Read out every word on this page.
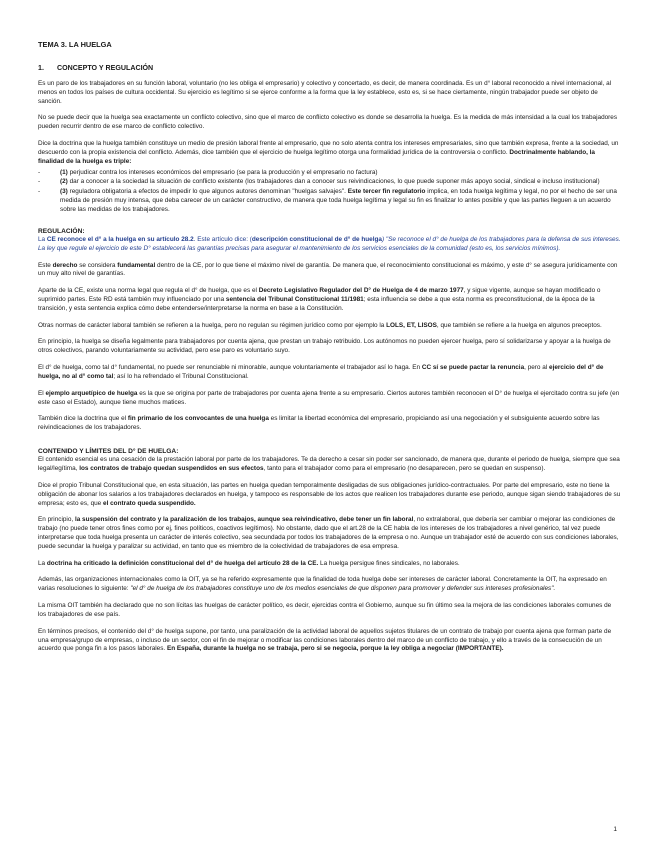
TEMA 3. LA HUELGA
1. CONCEPTO Y REGULACIÓN

Es un paro de los trabajadores en su función laboral, voluntario (no les obliga el empresario) y colectivo y concertado, es decir, de manera coordinada. Es un d° laboral reconocido a nivel internacional, al menos en todos los países de cultura occidental. Su ejercicio es legítimo si se ejerce conforme a la forma que la ley establece, esto es, si se hace ciertamente, ningún trabajador puede ser objeto de sanción.

No se puede decir que la huelga sea exactamente un conflicto colectivo, sino que el marco de conflicto colectivo es donde se desarrolla la huelga. Es la medida de más intensidad a la cual los trabajadores pueden recurrir dentro de ese marco de conflicto colectivo.

Dice la doctrina que la huelga también constituye un medio de presión laboral frente al empresario, que no solo atenta contra los intereses empresariales, sino que también expresa, frente a la sociedad, un descuerdo con la propia existencia del conflicto. Además, dice también que el ejercicio de huelga legítimo otorga una formalidad jurídica de la controversia o conflicto. Doctrinalmente hablando, la finalidad de la huelga es triple:

- (1) perjudicar contra los intereses económicos del empresario (se para la producción y el empresario no factura)
- (2) dar a conocer a la sociedad la situación de conflicto existente (los trabajadores dan a conocer sus reivindicaciones, lo que puede suponer más apoyo social, sindical e incluso institucional)
- (3) reguladora obligatoria a efectos de impedir lo que algunos autores denominan "huelgas salvajes". Este tercer fin regulatorio implica, en toda huelga legítima y legal, no por el hecho de ser una medida de presión muy intensa, que deba carecer de un carácter constructivo, de manera que toda huelga legítima y legal su fin es finalizar lo antes posible y que las partes lleguen a un acuerdo sobre las medidas de los trabajadores.
REGULACIÓN:

La CE reconoce el d° a la huelga en su artículo 28.2. Este artículo dice: (descripción constitucional de d° de huelga) "Se reconoce el d° de huelga de los trabajadores para la defensa de sus intereses. La ley que regule el ejercicio de este D° establecerá las garantías precisas para asegurar el mantenimiento de los servicios esenciales de la comunidad (esto es, los servicios mínimos).

Este derecho se considera fundamental dentro de la CE, por lo que tiene el máximo nivel de garantía. De manera que, el reconocimiento constitucional es máximo, y este d° se asegura jurídicamente con un muy alto nivel de garantías.

Aparte de la CE, existe una norma legal que regula el d° de huelga, que es el Decreto Legislativo Regulador del D° de Huelga de 4 de marzo 1977, y sigue vigente, aunque se hayan modificado o suprimido partes. Este RD está también muy influenciado por una sentencia del Tribunal Constitucional 11/1981; esta influencia se debe a que esta norma es preconstitucional, de la época de la transición, y esta sentencia explica cómo debe entenderse/interpretarse la norma en base a la Constitución.

Otras normas de carácter laboral también se refieren a la huelga, pero no regulan su régimen jurídico como por ejemplo la LOLS, ET, LISOS, que también se refiere a la huelga en algunos preceptos.

En principio, la huelga se diseña legalmente para trabajadores por cuenta ajena, que prestan un trabajo retribuido. Los autónomos no pueden ejercer huelga, pero sí solidarizarse y apoyar a la huelga de otros colectivos, parando voluntariamente su actividad, pero ese paro es voluntario suyo.

El d° de huelga, como tal d° fundamental, no puede ser renunciable ni minorable, aunque voluntariamente el trabajador así lo haga. En CC sí se puede pactar la renuncia, pero al ejercicio del d° de huelga, no al d° como tal; así lo ha refrendado el Tribunal Constitucional.

El ejemplo arquetípico de huelga es la que se origina por parte de trabajadores por cuenta ajena frente a su empresario. Ciertos autores también reconocen el D° de huelga el ejercitado contra su jefe (en este caso el Estado), aunque tiene muchos matices.

También dice la doctrina que el fin primario de los convocantes de una huelga es limitar la libertad económica del empresario, propiciando así una negociación y el subsiguiente acuerdo sobre las reivindicaciones de los trabajadores.

CONTENIDO Y LÍMITES DEL D° DE HUELGA:

El contenido esencial es una cesación de la prestación laboral por parte de los trabajadores. Te da derecho a cesar sin poder ser sancionado, de manera que, durante el periodo de huelga, siempre que sea legal/legítima, los contratos de trabajo quedan suspendidos en sus efectos, tanto para el trabajador como para el empresario (no desaparecen, pero se quedan en suspenso).

Dice el propio Tribunal Constitucional que, en esta situación, las partes en huelga quedan temporalmente desligadas de sus obligaciones jurídico-contractuales. Por parte del empresario, este no tiene la obligación de abonar los salarios a los trabajadores declarados en huelga, y tampoco es responsable de los actos que realicen los trabajadores durante ese periodo, aunque sigan siendo trabajadores de su empresa; esto es, que el contrato queda suspendido.

En principio, la suspensión del contrato y la paralización de los trabajos, aunque sea reivindicativo, debe tener un fin laboral, no extralaboral, que debería ser cambiar o mejorar las condiciones de trabajo (no puede tener otros fines como por ej, fines políticos, coactivos legítimos). No obstante, dado que el art.28 de la CE habla de los intereses de los trabajadores a nivel genérico, tal vez puede interpretarse que toda huelga presenta un carácter de interés colectivo, sea secundada por todos los trabajadores de la empresa o no. Aunque un trabajador esté de acuerdo con sus condiciones laborales, puede secundar la huelga y paralizar su actividad, en tanto que es miembro de la colectividad de trabajadores de esa empresa.

La doctrina ha criticado la definición constitucional del d° de huelga del artículo 28 de la CE. La huelga persigue fines sindicales, no laborales.

Además, las organizaciones internacionales como la OIT, ya se ha referido expresamente que la finalidad de toda huelga debe ser intereses de carácter laboral. Concretamente la OIT, ha expresado en varias resoluciones lo siguiente: "el d° de huelga de los trabajadores constituye uno de los medios esenciales de que disponen para promover y defender sus intereses profesionales".

La misma OIT también ha declarado que no son lícitas las huelgas de carácter político, es decir, ejercidas contra el Gobierno, aunque su fin último sea la mejora de las condiciones laborales comunes de los trabajadores de ese país.

En términos precisos, el contenido del d° de huelga supone, por tanto, una paralización de la actividad laboral de aquellos sujetos titulares de un contrato de trabajo por cuenta ajena que forman parte de una empresa/grupo de empresas, o incluso de un sector, con el fin de mejorar o modificar las condiciones laborales dentro del marco de un conflicto de trabajo, y ello a través de la consecución de un acuerdo que ponga fin a los pasos laborales. En España, durante la huelga no se trabaja, pero si se negocia, porque la ley obliga a negociar (IMPORTANTE).

1
